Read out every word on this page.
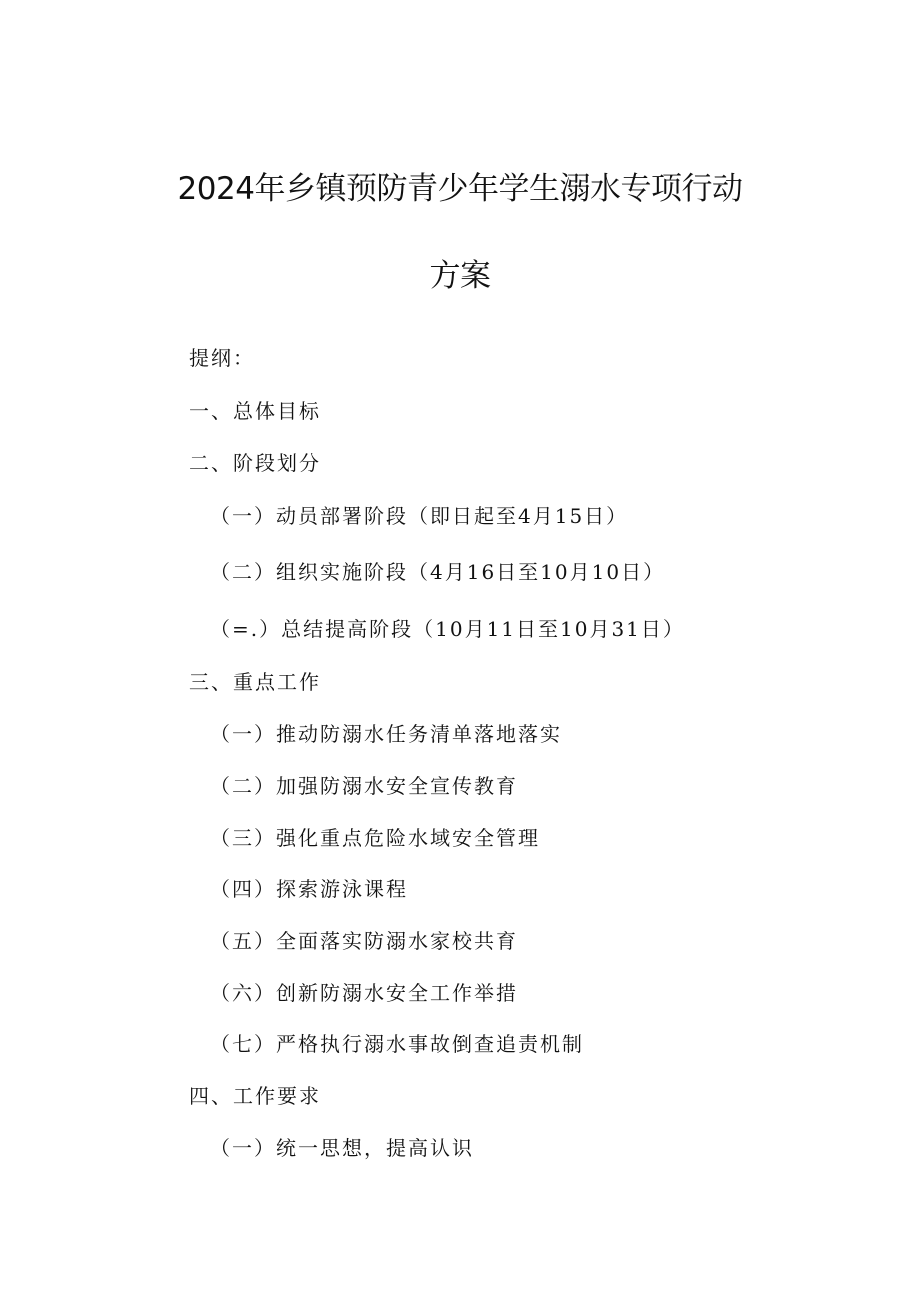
2024年乡镇预防青少年学生溺水专项行动
方案
提纲：
一、总体目标
二、阶段划分
（一）动员部署阶段（即日起至4月15日）
（二）组织实施阶段（4月16日至10月10日）
（=.）总结提高阶段（10月11日至10月31日）
三、重点工作
（一）推动防溺水任务清单落地落实
（二）加强防溺水安全宣传教育
（三）强化重点危险水域安全管理
（四）探索游泳课程
（五）全面落实防溺水家校共育
（六）创新防溺水安全工作举措
（七）严格执行溺水事故倒查追责机制
四、工作要求
（一）统一思想，提高认识
